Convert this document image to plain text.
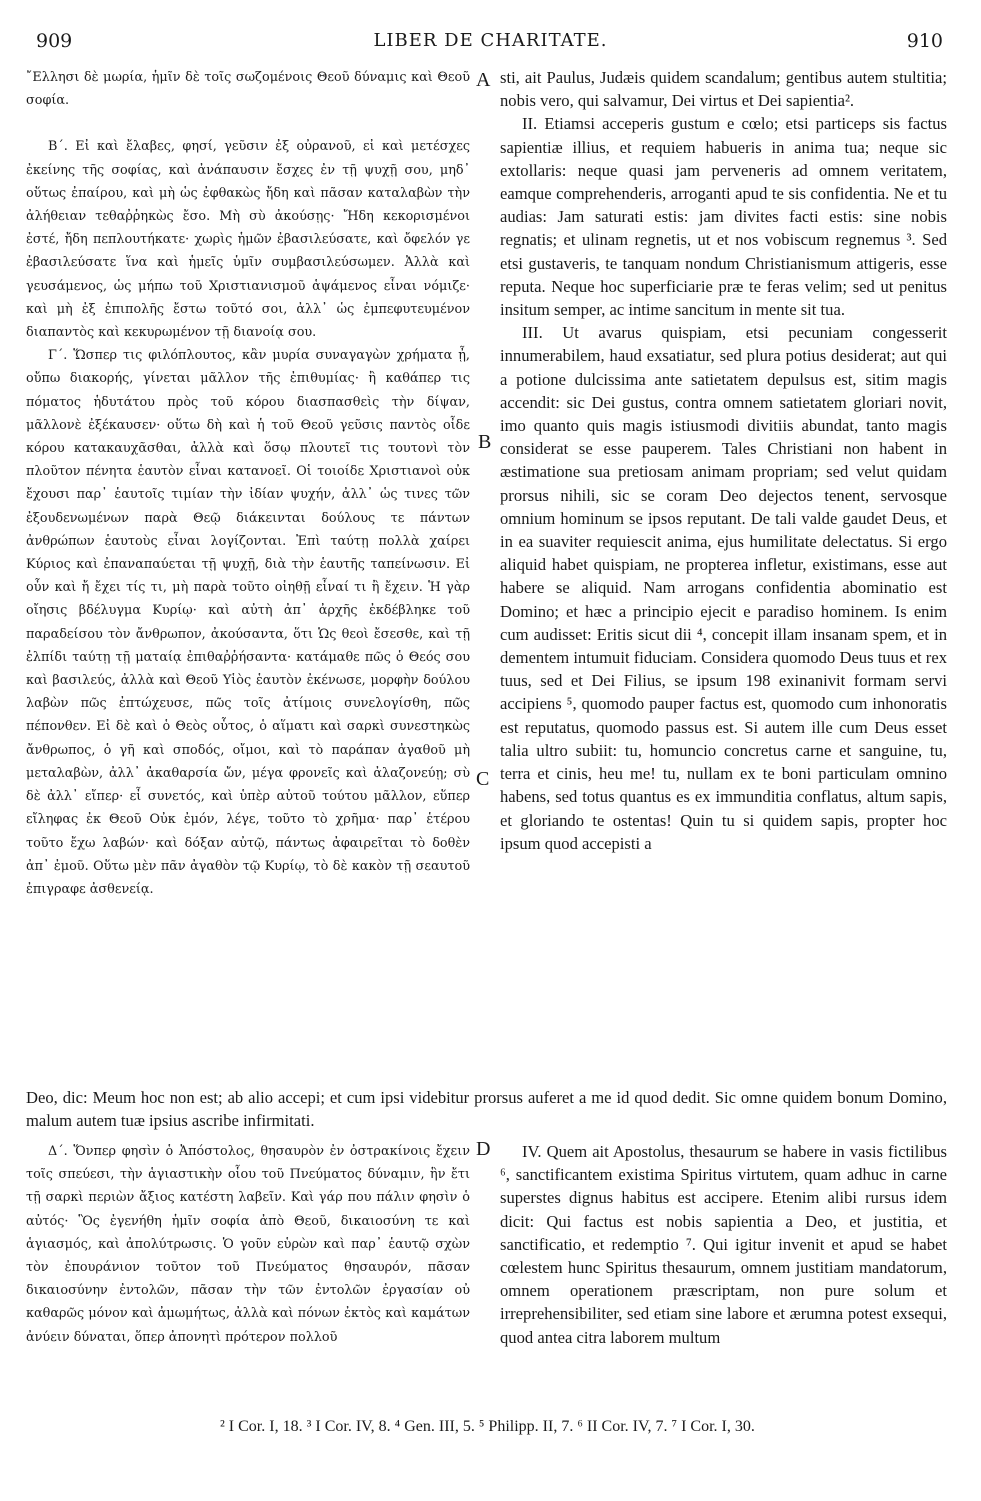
909	LIBER DE CHARITATE.	910

῎Ελλησι δὲ μωρία, ἡμῖν δὲ τοῖς σωζομένοις Θεοῦ δύναμις καὶ Θεοῦ σοφία.

Β΄. Εἰ καὶ ἔλαβες, φησί, γεῦσιν ἐξ οὐρανοῦ, εἰ καὶ μετέσχες ἐκείνης τῆς σοφίας, καὶ ἀνάπαυσιν ἔσχες ἐν τῇ ψυχῇ σου, μηδ᾽ οὕτως ἐπαίρου, καὶ μὴ ὡς ἐφθακὼς ἤδη καὶ πᾶσαν καταλαβὼν τὴν ἀλήθειαν τεθαῤῥηκὼς ἔσο. Μὴ σὺ ἀκούσῃς· Ἤδη κεκορισμένοι ἐστέ, ἤδη πεπλουτήκατε· χωρὶς ἡμῶν ἐβασιλεύσατε, καὶ ὄφελόν γε ἐβασιλεύσατε ἵνα καὶ ἡμεῖς ὑμῖν συμβασιλεύσωμεν. Ἀλλὰ καὶ γευσάμενος, ὡς μήπω τοῦ Χριστιανισμοῦ ἁψάμενος εἶναι νόμιζε· καὶ μὴ ἐξ ἐπιπολῆς ἔστω τοῦτό σοι, ἀλλ᾽ ὡς ἐμπεφυτευμένον διαπαντὸς καὶ κεκυρωμένον τῇ διανοίᾳ σου.

Γ΄. Ὥσπερ τις φιλόπλουτος, κἂν μυρία συναγαγὼν χρήματα ᾖ, οὔπω διακορής, γίνεται μᾶλλον τῆς ἐπιθυμίας· ἢ καθάπερ τις πόματος ἡδυτάτου πρὸς τοῦ κόρου διασπασθεὶς τὴν δίψαν, μᾶλλονὲ ἐξέκαυσεν· οὕτω δὴ καὶ ἡ τοῦ Θεοῦ γεῦσις παντὸς οἶδε κόρου κατακαυχᾶσθαι, ἀλλὰ καὶ ὅσῳ πλουτεῖ τις τουτονὶ τὸν πλοῦτον πένητα ἑαυτὸν εἶναι κατανοεῖ. Οἱ τοιοίδε Χριστιανοὶ οὐκ ἔχουσι παρ᾽ ἑαυτοῖς τιμίαν τὴν ἰδίαν ψυχήν, ἀλλ᾽ ὡς τινες τῶν ἐξουδενωμένων παρὰ Θεῷ διάκεινται δούλους τε πάντων ἀνθρώπων ἑαυτοὺς εἶναι λογίζονται. Ἐπὶ ταύτῃ πολλὰ χαίρει Κύριος καὶ ἐπαναπαύεται τῇ ψυχῇ, διὰ τὴν ἑαυτῆς ταπείνωσιν. Εἰ οὖν καὶ ἤ ἔχει τίς τι, μὴ παρὰ τοῦτο οἰηθῇ εἶναί τι ἢ ἔχειν. Ἡ γὰρ οἴησις βδέλυγμα Κυρίῳ· καὶ αὐτὴ ἀπ᾽ ἀρχῆς ἐκδέβληκε τοῦ παραδείσου τὸν ἄνθρωπον, ἀκούσαντα, ὅτι Ὡς θεοὶ ἔσεσθε, καὶ τῇ ἐλπίδι ταύτῃ τῇ ματαίᾳ ἐπιθαῤῥήσαντα· κατάμαθε πῶς ὁ Θεός σου καὶ βασιλεύς, ἀλλὰ καὶ Θεοῦ Υἱὸς ἑαυτὸν ἐκένωσε, μορφὴν δούλου λαβὼν πῶς ἐπτώχευσε, πῶς τοῖς ἀτίμοις συνελογίσθη, πῶς πέπονθεν. Εἰ δὲ καὶ ὁ Θεὸς οὗτος, ὁ αἵματι καὶ σαρκὶ συνεστηκὼς ἄνθρωπος, ὁ γῆ καὶ σποδός, οἴμοι, καὶ τὸ παράπαν ἀγαθοῦ μὴ μεταλαβὼν, ἀλλ᾽ ἀκαθαρσία ὤν, μέγα φρονεῖς καὶ ἀλαζονεύῃ; σὺ δὲ ἀλλ᾽ εἴπερ· εἶ συνετός, καὶ ὑπὲρ αὐτοῦ τούτου μᾶλλον, εὕπερ εἴληφας ἐκ Θεοῦ Οὐκ ἐμόν, λέγε, τοῦτο τὸ χρῆμα· παρ᾽ ἑτέρου τοῦτο ἔχω λαβών· καὶ δόξαν αὐτῷ, πάντως ἀφαιρεῖται τὸ δοθὲν ἀπ᾽ ἐμοῦ. Οὕτω μὲν πᾶν ἀγαθὸν τῷ Κυρίῳ, τὸ δὲ κακὸν τῇ σεαυτοῦ ἐπιγραφε ἀσθενείᾳ.

sti, ait Paulus, Judæis quidem scandalum; gentibus autem stultitia; nobis vero, qui salvamur, Dei virtus et Dei sapientia².

II. Etiamsi acceperis gustum e cœlo; etsi particeps sis factus sapientiæ illius, et requiem habueris in anima tua; neque sic extollaris: neque quasi jam perveneris ad omnem veritatem, eamque comprehenderis, arroganti apud te sis confidentia. Ne et tu audias: Jam saturati estis: jam divites facti estis: sine nobis regnatis; et ulinam regnetis, ut et nos vobiscum regnemus ³. Sed etsi gustaveris, te tanquam nondum Christianismum attigeris, esse reputa. Neque hoc superficiarie præ te feras velim; sed ut penitus insitum semper, ac intime sancitum in mente sit tua.

III. Ut avarus quispiam, etsi pecuniam congesserit innumerabilem, haud exsatiatur, sed plura potius desiderat; aut qui a potione dulcissima ante satietatem depulsus est, sitim magis accendit: sic Dei gustus, contra omnem satietatem gloriari novit, imo quanto quis magis istiusmodi divitiis abundat, tanto magis considerat se esse pauperem. Tales Christiani non habent in æstimatione sua pretiosam animam propriam; sed velut quidam prorsus nihili, sic se coram Deo dejectos tenent, servosque omnium hominum se ipsos reputant. De tali valde gaudet Deus, et in ea suaviter requiescit anima, ejus humilitate delectatus. Si ergo aliquid habet quispiam, ne propterea infletur, existimans, esse aut habere se aliquid. Nam arrogans confidentia abominatio est Domino; et hæc a principio ejecit e paradiso hominem. Is enim cum audisset: Eritis sicut dii ⁴, concepit illam insanam spem, et in dementem intumuit fiduciam. Considera quomodo Deus tuus et rex tuus, sed et Dei Filius, se ipsum 198 exinanivit formam servi accipiens ⁵, quomodo pauper factus est, quomodo cum inhonoratis est reputatus, quomodo passus est. Si autem ille cum Deus esset talia ultro subiit: tu, homuncio concretus carne et sanguine, tu, terra et cinis, heu me! tu, nullam ex te boni particulam omnino habens, sed totus quantus es ex immunditia conflatus, altum sapis, et gloriando te ostentas! Quin tu si quidem sapis, propter hoc ipsum quod accepisti a

A
B
C
D
Deo, dic: Meum hoc non est; ab alio accepi; et cum ipsi videbitur prorsus auferet a me id quod dedit. Sic omne quidem bonum Domino, malum autem tuæ ipsius ascribe infirmitati.

Δ΄. Ὅνπερ φησὶν ὁ Ἀπόστολος, θησαυρὸν ἐν ὀστρακίνοις ἔχειν τοῖς σπεύεσι, τὴν ἁγιαστικὴν οἷου τοῦ Πνεύματος δύναμιν, ἣν ἔτι τῇ σαρκὶ περιὼν ἄξιος κατέστη λαβεῖν. Καὶ γάρ που πάλιν φησὶν ὁ αὐτός· Ὃς ἐγενήθη ἡμῖν σοφία ἀπὸ Θεοῦ, δικαιοσύνη τε καὶ ἁγιασμός, καὶ ἀπολύτρωσις. Ὁ γοῦν εὑρὼν καὶ παρ᾽ ἑαυτῷ σχὼν τὸν ἐπουράνιον τοῦτον τοῦ Πνεύματος θησαυρόν, πᾶσαν δικαιοσύνην ἐντολῶν, πᾶσαν τὴν τῶν ἐντολῶν ἐργασίαν οὐ καθαρῶς μόνον καὶ ἀμωμήτως, ἀλλὰ καὶ πόνων ἐκτὸς καὶ καμάτων ἀνύειν δύναται, ὅπερ ἀπονητὶ πρότερον πολλοῦ

IV. Quem ait Apostolus, thesaurum se habere in vasis fictilibus ⁶, sanctificantem existima Spiritus virtutem, quam adhuc in carne superstes dignus habitus est accipere. Etenim alibi rursus idem dicit: Qui factus est nobis sapientia a Deo, et justitia, et sanctificatio, et redemptio ⁷. Qui igitur invenit et apud se habet cœlestem hunc Spiritus thesaurum, omnem justitiam mandatorum, omnem operationem præscriptam, non pure solum et irreprehensibiliter, sed etiam sine labore et ærumna potest exsequi, quod antea citra laborem multum

² I Cor. I, 18. ³ I Cor. IV, 8. ⁴ Gen. III, 5. ⁵ Philipp. II, 7. ⁶ II Cor. IV, 7. ⁷ I Cor. I, 30.
